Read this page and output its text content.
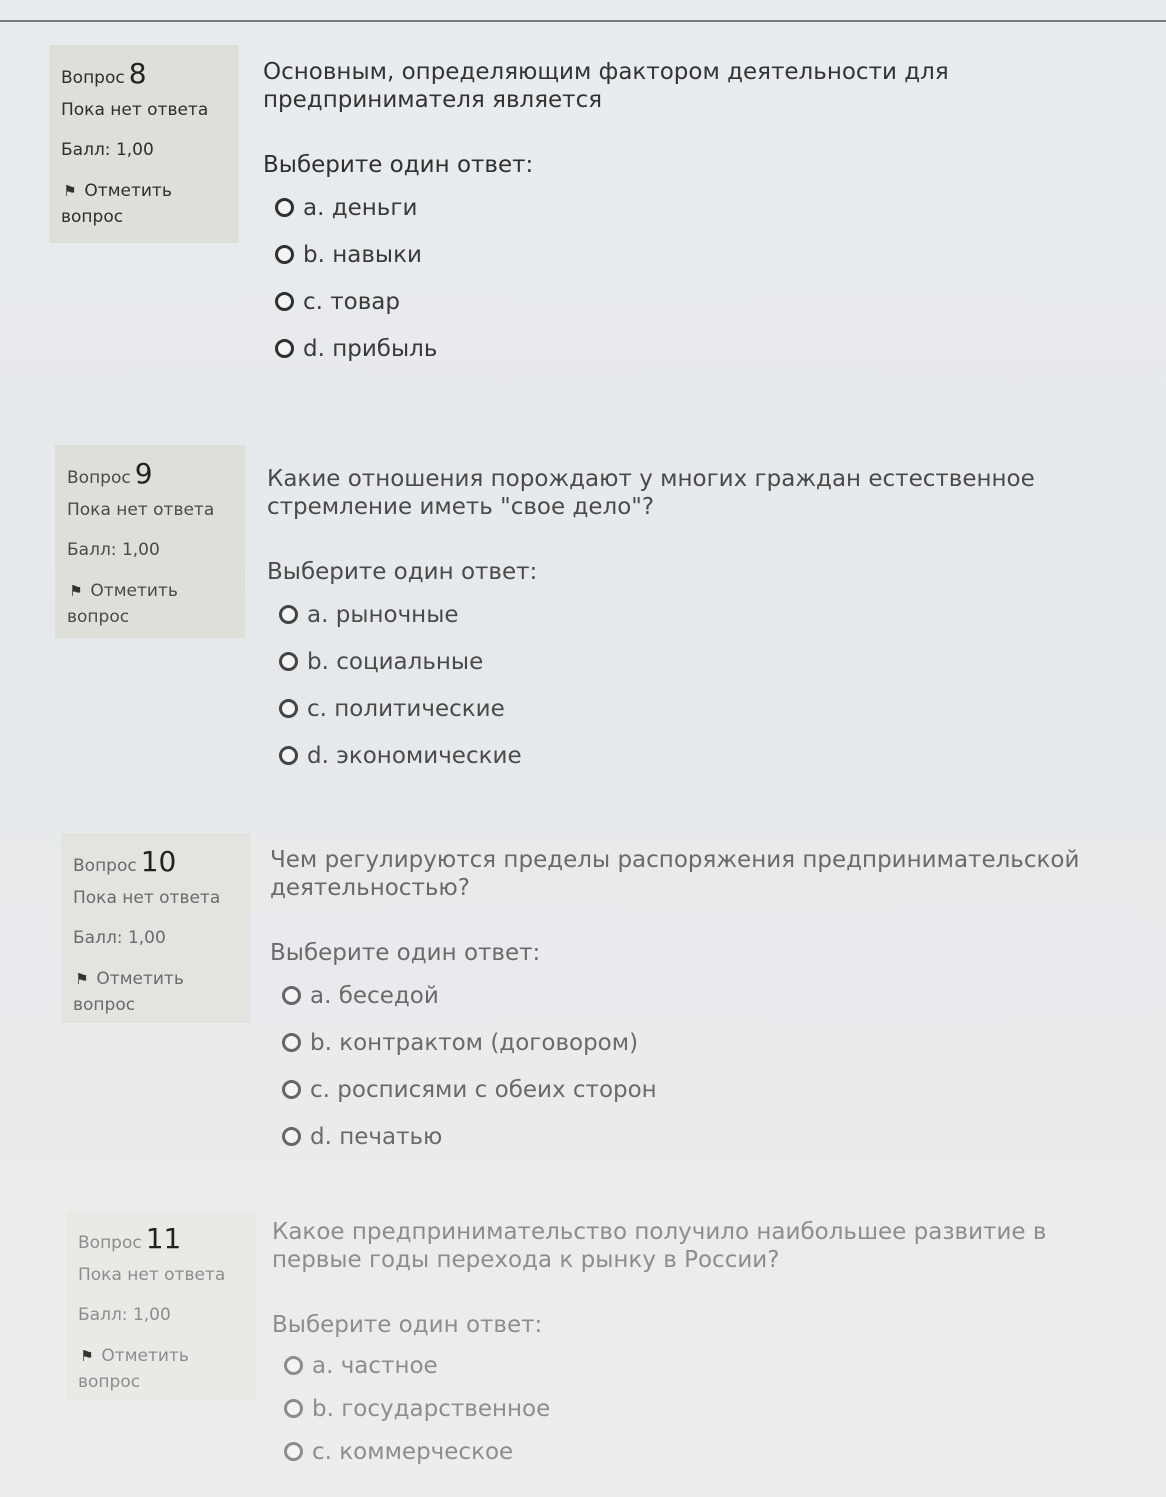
Вопрос 8
Пока нет ответа
Балл: 1,00
⚑ Отметить вопрос

Основным, определяющим фактором деятельности для предпринимателя является

Выберите один ответ:
a. деньги
b. навыки
c. товар
d. прибыль
Вопрос 9
Пока нет ответа
Балл: 1,00
⚑ Отметить вопрос

Какие отношения порождают у многих граждан естественное стремление иметь "свое дело"?

Выберите один ответ:
a. рыночные
b. социальные
c. политические
d. экономические
Вопрос 10
Пока нет ответа
Балл: 1,00
⚑ Отметить вопрос

Чем регулируются пределы распоряжения предпринимательской деятельностью?

Выберите один ответ:
a. беседой
b. контрактом (договором)
c. росписями с обеих сторон
d. печатью
Вопрос 11
Пока нет ответа
Балл: 1,00
⚑ Отметить вопрос

Какое предпринимательство получило наибольшее развитие в первые годы перехода к рынку в России?

Выберите один ответ:
a. частное
b. государственное
c. коммерческое
